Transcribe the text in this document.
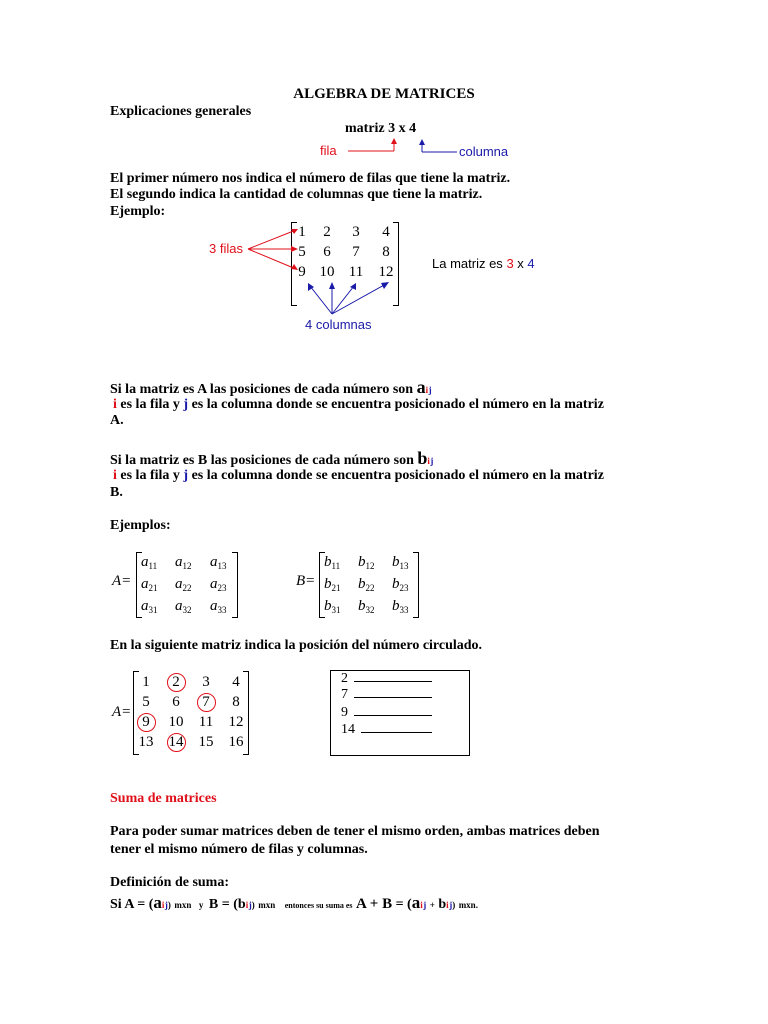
ALGEBRA DE MATRICES
Explicaciones generales
matriz 3 x 4
fila	columna
El primer número nos indica el número de filas que tiene la matriz.
El segundo indica la cantidad de columnas que tiene la matriz.
Ejemplo:
1	2	3	4
5	6	7	8
9 10 11 12
3 filas
4 columnas
La matriz es 3 x 4
Si la matriz es A las posiciones de cada número son ai j
i es la fila y j es la columna donde se encuentra posicionado el número en la matriz
A.
Si la matriz es B las posiciones de cada número son bi j
i es la fila y j es la columna donde se encuentra posicionado el número en la matriz
B.
Ejemplos:
A=
$a_{11}$ $a_{12}$ $a_{13}$
$a_{21}$ $a_{22}$ $a_{23}$
$a_{31}$ $a_{32}$ $a_{33}$
B=
$b_{11}$ $b_{12}$ $b_{13}$
$b_{21}$ $b_{22}$ $b_{23}$
$b_{31}$ $b_{32}$ $b_{33}$
En la siguiente matriz indica la posición del número circulado.
A=
1	2	3	4
5	6	7	8
9	10 11 12
13 14 15 16
2
7
9
14
Suma de matrices
Para poder sumar matrices deben de tener el mismo orden, ambas matrices deben
tener el mismo número de filas y columnas.
Definición de suma:
Si A = (ai j) mxn y B = (bi j) mxn entonces su suma es A + B = (ai j + bi j) mxn.
